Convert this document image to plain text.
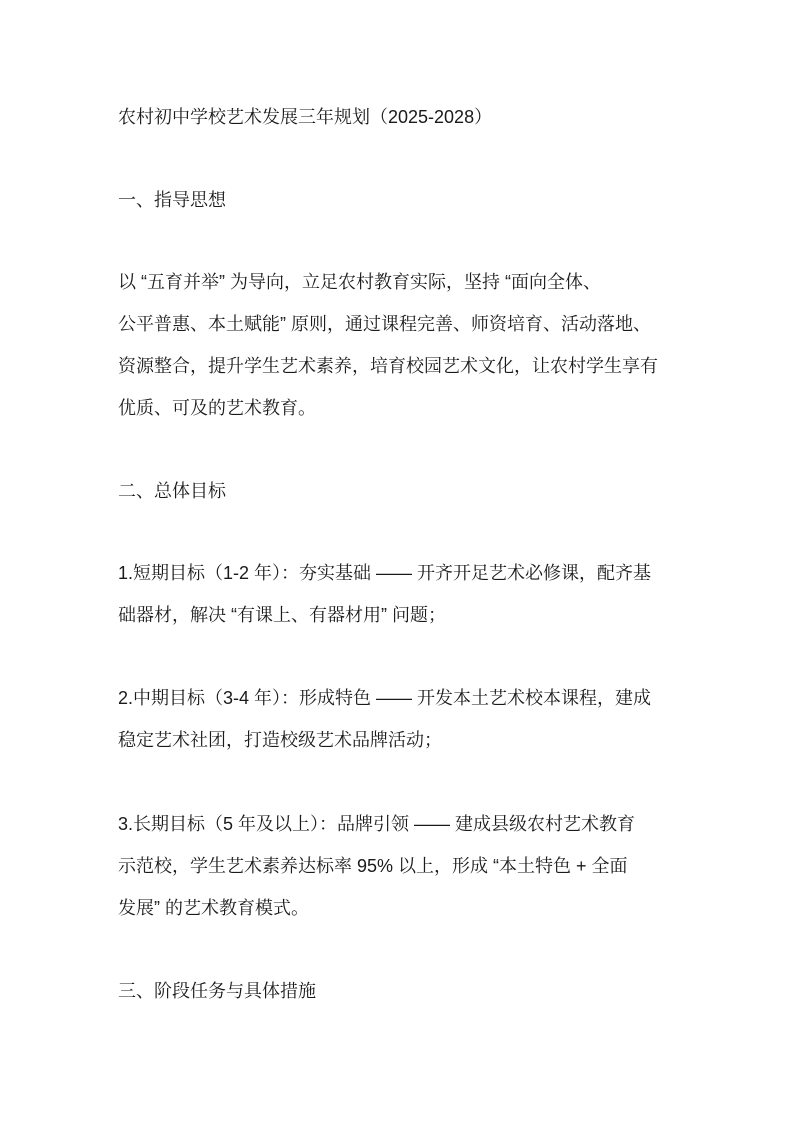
农村初中学校艺术发展三年规划（2025-2028）
一、指导思想
以 “五育并举” 为导向，立足农村教育实际，坚持 “面向全体、
公平普惠、本土赋能” 原则，通过课程完善、师资培育、活动落地、
资源整合，提升学生艺术素养，培育校园艺术文化，让农村学生享有
优质、可及的艺术教育。
二、总体目标
1.短期目标（1-2 年）：夯实基础 —— 开齐开足艺术必修课，配齐基
础器材，解决 “有课上、有器材用” 问题；
2.中期目标（3-4 年）：形成特色 —— 开发本土艺术校本课程，建成
稳定艺术社团，打造校级艺术品牌活动；
3.长期目标（5 年及以上）：品牌引领 —— 建成县级农村艺术教育
示范校，学生艺术素养达标率 95% 以上，形成 “本土特色 + 全面
发展” 的艺术教育模式。
三、阶段任务与具体措施
